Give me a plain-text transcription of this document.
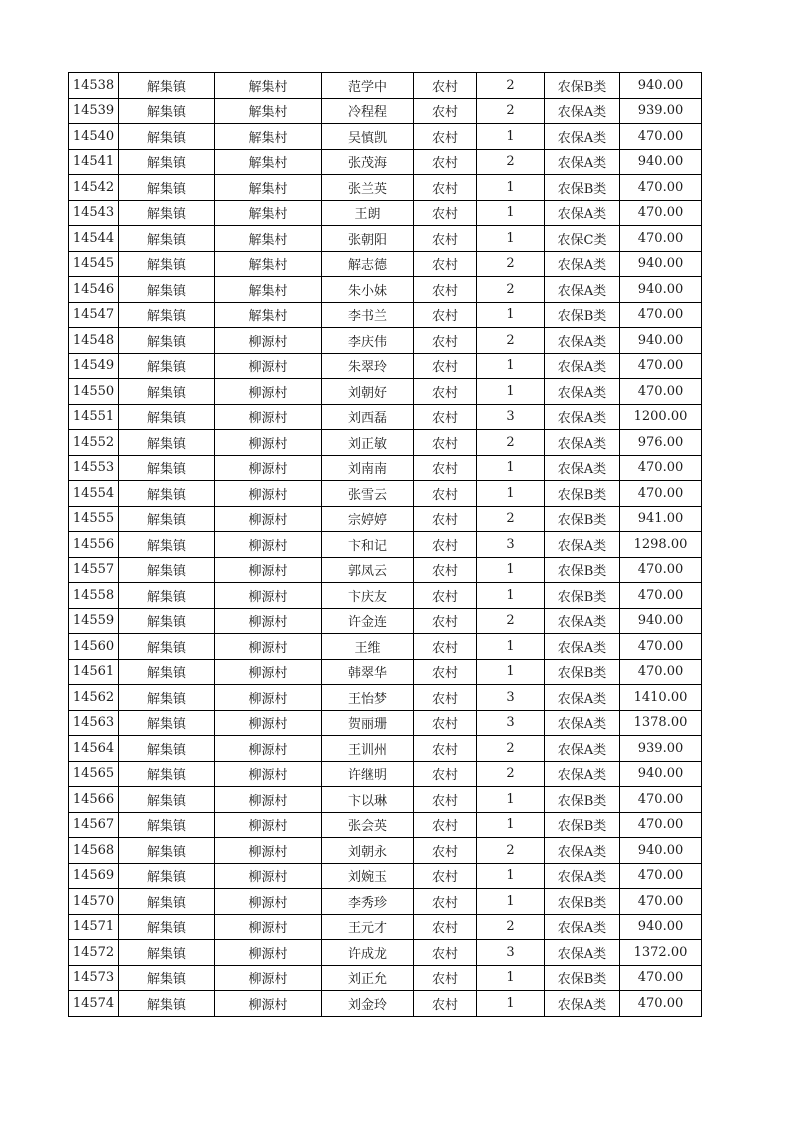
14538	解集镇	解集村	范学中	农村	2	农保B类	940.00
14539	解集镇	解集村	冷程程	农村	2	农保A类	939.00
14540	解集镇	解集村	吴慎凯	农村	1	农保A类	470.00
14541	解集镇	解集村	张茂海	农村	2	农保A类	940.00
14542	解集镇	解集村	张兰英	农村	1	农保B类	470.00
14543	解集镇	解集村	王朗	农村	1	农保A类	470.00
14544	解集镇	解集村	张朝阳	农村	1	农保C类	470.00
14545	解集镇	解集村	解志德	农村	2	农保A类	940.00
14546	解集镇	解集村	朱小妹	农村	2	农保A类	940.00
14547	解集镇	解集村	李书兰	农村	1	农保B类	470.00
14548	解集镇	柳源村	李庆伟	农村	2	农保A类	940.00
14549	解集镇	柳源村	朱翠玲	农村	1	农保A类	470.00
14550	解集镇	柳源村	刘朝好	农村	1	农保A类	470.00
14551	解集镇	柳源村	刘西磊	农村	3	农保A类	1200.00
14552	解集镇	柳源村	刘正敏	农村	2	农保A类	976.00
14553	解集镇	柳源村	刘南南	农村	1	农保A类	470.00
14554	解集镇	柳源村	张雪云	农村	1	农保B类	470.00
14555	解集镇	柳源村	宗婷婷	农村	2	农保B类	941.00
14556	解集镇	柳源村	卞和记	农村	3	农保A类	1298.00
14557	解集镇	柳源村	郭凤云	农村	1	农保B类	470.00
14558	解集镇	柳源村	卞庆友	农村	1	农保B类	470.00
14559	解集镇	柳源村	许金连	农村	2	农保A类	940.00
14560	解集镇	柳源村	王维	农村	1	农保A类	470.00
14561	解集镇	柳源村	韩翠华	农村	1	农保B类	470.00
14562	解集镇	柳源村	王怡梦	农村	3	农保A类	1410.00
14563	解集镇	柳源村	贺丽珊	农村	3	农保A类	1378.00
14564	解集镇	柳源村	王训州	农村	2	农保A类	939.00
14565	解集镇	柳源村	许继明	农村	2	农保A类	940.00
14566	解集镇	柳源村	卞以琳	农村	1	农保B类	470.00
14567	解集镇	柳源村	张会英	农村	1	农保B类	470.00
14568	解集镇	柳源村	刘朝永	农村	2	农保A类	940.00
14569	解集镇	柳源村	刘婉玉	农村	1	农保A类	470.00
14570	解集镇	柳源村	李秀珍	农村	1	农保B类	470.00
14571	解集镇	柳源村	王元才	农村	2	农保A类	940.00
14572	解集镇	柳源村	许成龙	农村	3	农保A类	1372.00
14573	解集镇	柳源村	刘正允	农村	1	农保B类	470.00
14574	解集镇	柳源村	刘金玲	农村	1	农保A类	470.00
